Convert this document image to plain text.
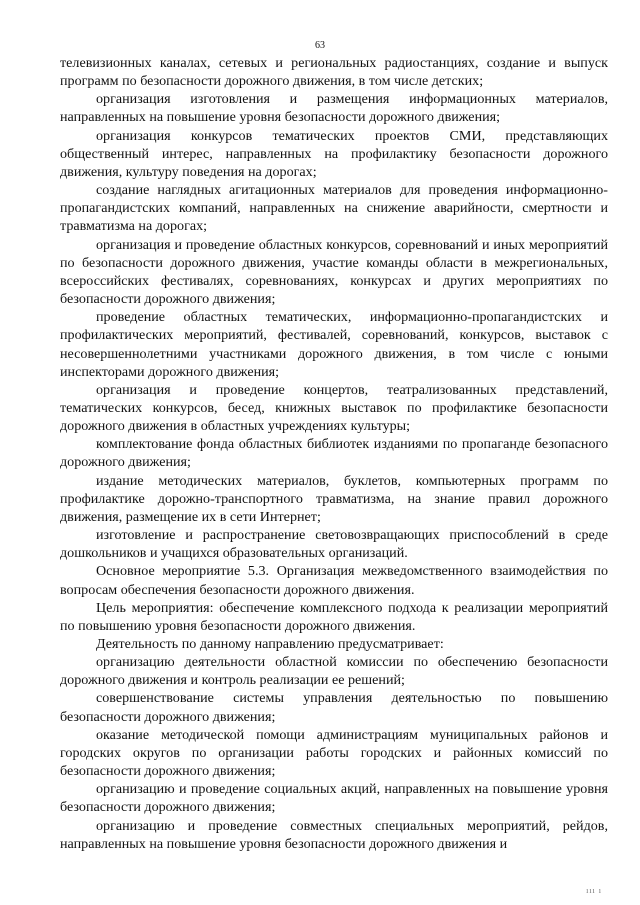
63

телевизионных каналах, сетевых и региональных радиостанциях, создание и выпуск программ по безопасности дорожного движения, в том числе детских;

организация изготовления и размещения информационных материалов, направленных на повышение уровня безопасности дорожного движения;

организация конкурсов тематических проектов СМИ, представляющих общественный интерес, направленных на профилактику безопасности дорожного движения, культуру поведения на дорогах;

создание наглядных агитационных материалов для проведения информационно-пропагандистских компаний, направленных на снижение аварийности, смертности и травматизма на дорогах;

организация и проведение областных конкурсов, соревнований и иных мероприятий по безопасности дорожного движения, участие команды области в межрегиональных, всероссийских фестивалях, соревнованиях, конкурсах и других мероприятиях по безопасности дорожного движения;

проведение областных тематических, информационно-пропагандистских и профилактических мероприятий, фестивалей, соревнований, конкурсов, выставок с несовершеннолетними участниками дорожного движения, в том числе с юными инспекторами дорожного движения;

организация и проведение концертов, театрализованных представлений, тематических конкурсов, бесед, книжных выставок по профилактике безопасности дорожного движения в областных учреждениях культуры;

комплектование фонда областных библиотек изданиями по пропаганде безопасного дорожного движения;

издание методических материалов, буклетов, компьютерных программ по профилактике дорожно-транспортного травматизма, на знание правил дорожного движения, размещение их в сети Интернет;

изготовление и распространение световозвращающих приспособлений в среде дошкольников и учащихся образовательных организаций.

Основное мероприятие 5.3. Организация межведомственного взаимодействия по вопросам обеспечения безопасности дорожного движения.

Цель мероприятия: обеспечение комплексного подхода к реализации мероприятий по повышению уровня безопасности дорожного движения.

Деятельность по данному направлению предусматривает:

организацию деятельности областной комиссии по обеспечению безопасности дорожного движения и контроль реализации ее решений;

совершенствование системы управления деятельностью по повышению безопасности дорожного движения;

оказание методической помощи администрациям муниципальных районов и городских округов по организации работы городских и районных комиссий по безопасности дорожного движения;

организацию и проведение социальных акций, направленных на повышение уровня безопасности дорожного движения;

организацию и проведение совместных специальных мероприятий, рейдов, направленных на повышение уровня безопасности дорожного движения и

ııı ı
